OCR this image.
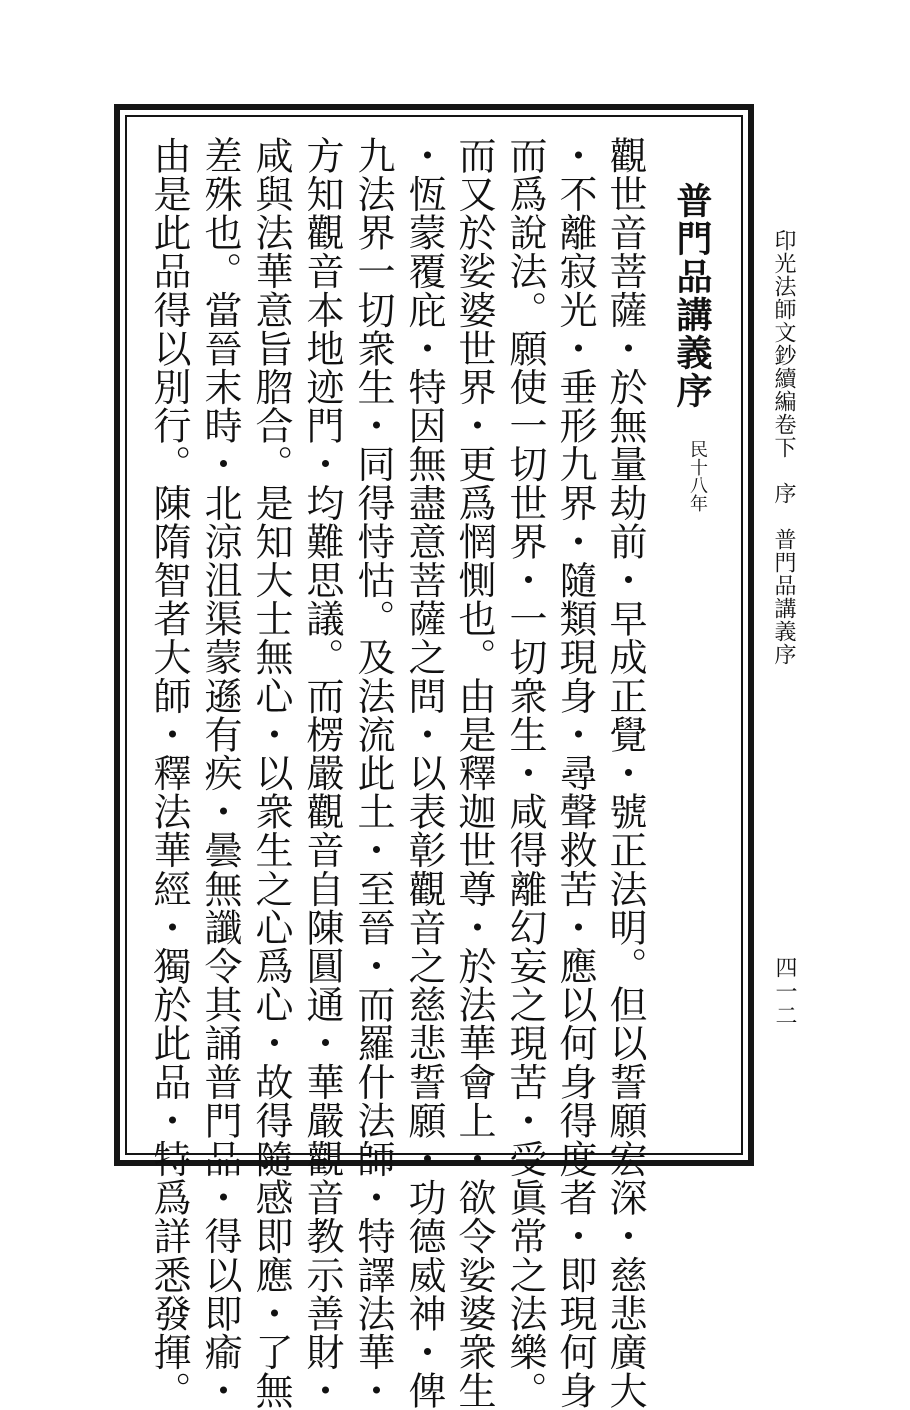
印光法師文鈔續編卷下　序　普門品講義序
四一二
普門品講義序
民十八年
觀世音菩薩・於無量劫前・早成正覺・號正法明。但以誓願宏深・慈悲廣大
・不離寂光・垂形九界・隨類現身・尋聲救苦・應以何身得度者・即現何身
而爲說法。願使一切世界・一切衆生・咸得離幻妄之現苦・受眞常之法樂。
而又於娑婆世界・更爲惘惻也。由是釋迦世尊・於法華會上・欲令娑婆衆生
・恆蒙覆庇・特因無盡意菩薩之問・以表彰觀音之慈悲誓願・功德威神・俾
九法界一切衆生・同得恃怙。及法流此土・至晉・而羅什法師・特譯法華・
方知觀音本地迹門・均難思議。而楞嚴觀音自陳圓通・華嚴觀音教示善財・
咸與法華意旨脗合。是知大士無心・以衆生之心爲心・故得隨感即應・了無
差殊也。當晉末時・北涼沮渠蒙遜有疾・曇無讖令其誦普門品・得以即瘉・
由是此品得以別行。陳隋智者大師・釋法華經・獨於此品・特爲詳悉發揮。
